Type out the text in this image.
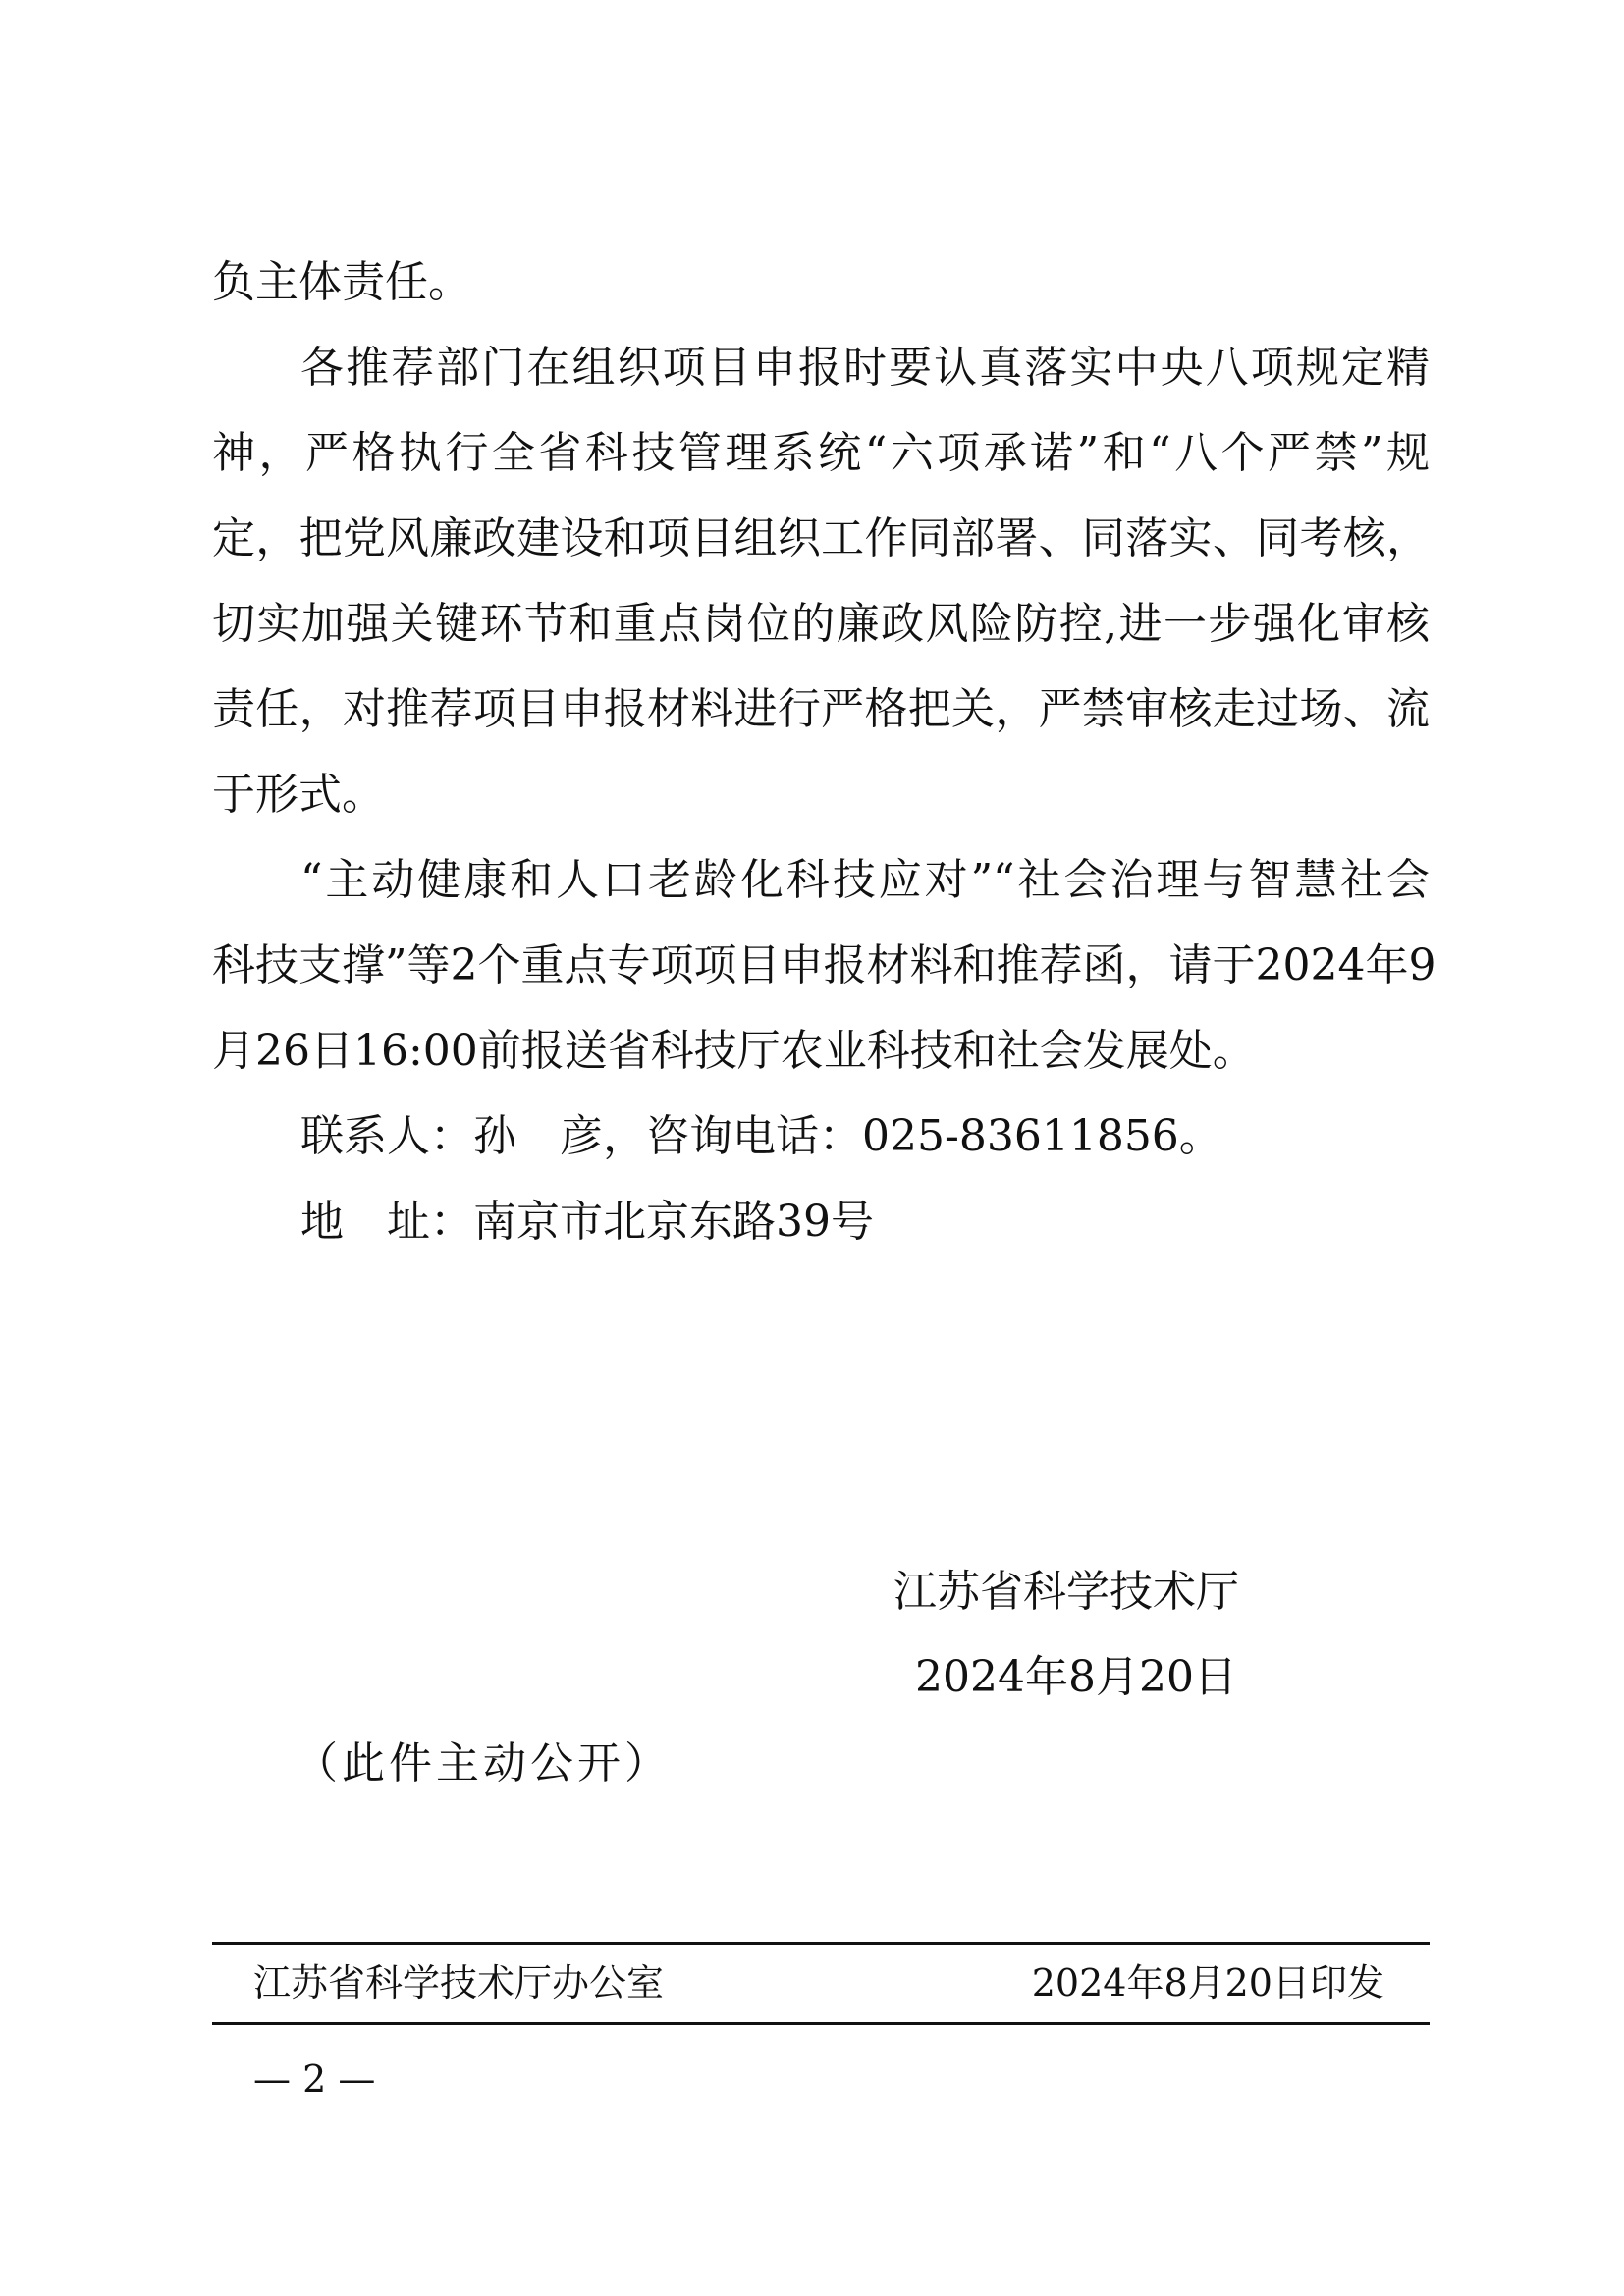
负主体责任。
各推荐部门在组织项目申报时要认真落实中央八项规定精
神，严格执行全省科技管理系统“六项承诺”和“八个严禁”规
定，把党风廉政建设和项目组织工作同部署、同落实、同考核，
切实加强关键环节和重点岗位的廉政风险防控,进一步强化审核
责任，对推荐项目申报材料进行严格把关，严禁审核走过场、流
于形式。
“主动健康和人口老龄化科技应对”“社会治理与智慧社会
科技支撑”等2个重点专项项目申报材料和推荐函，请于2024年9
月26日16:00前报送省科技厅农业科技和社会发展处。
联系人：孙　彦，咨询电话：025-83611856。
地　址：南京市北京东路39号
江苏省科学技术厅
2024年8月20日
（此件主动公开）
江苏省科学技术厅办公室	2024年8月20日印发
— 2 —
